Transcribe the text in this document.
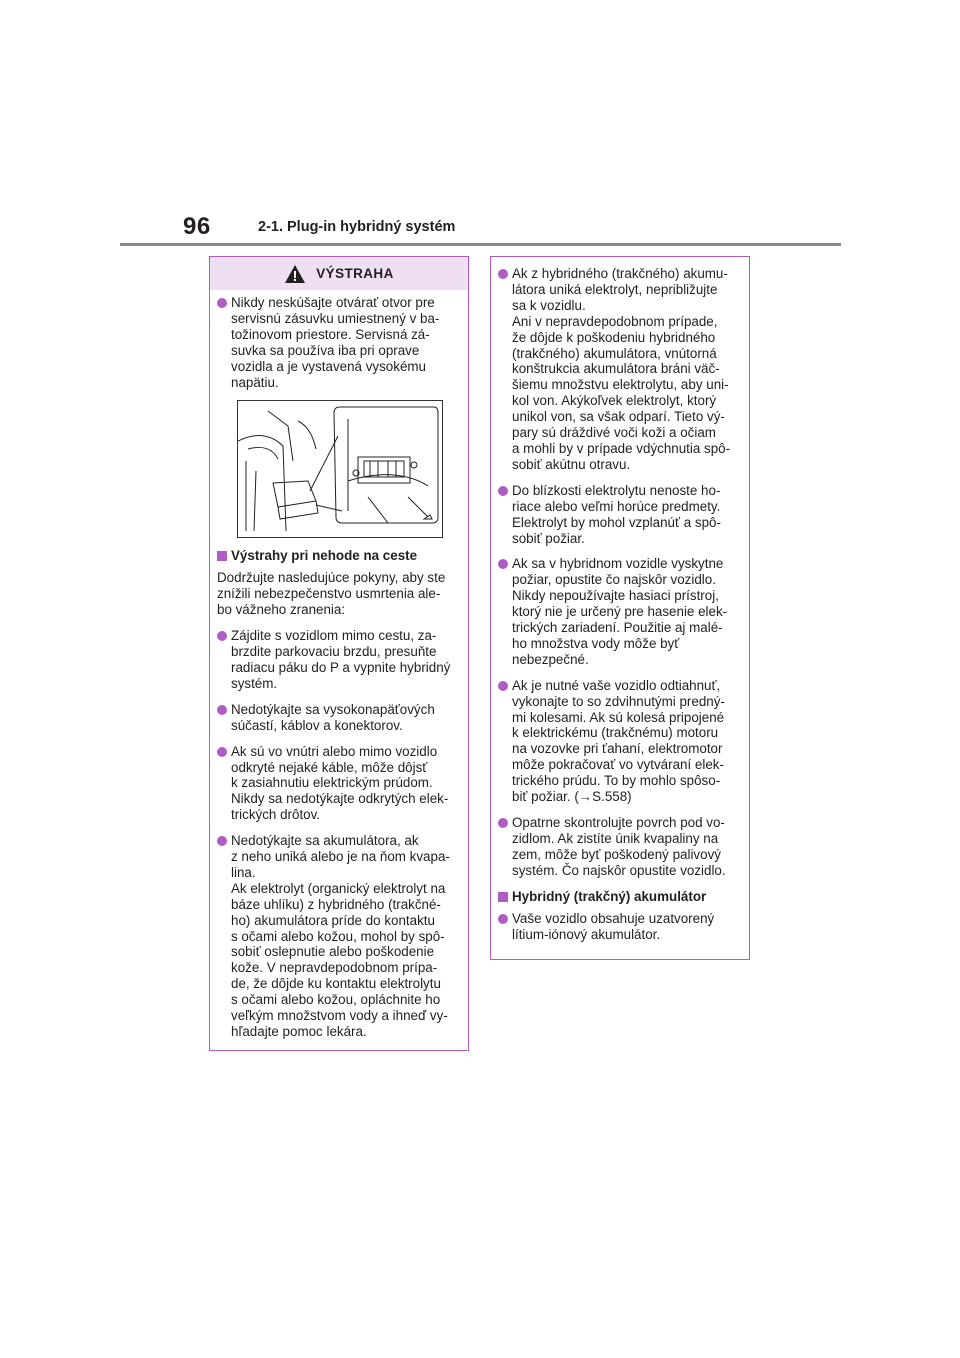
96	2-1. Plug-in hybridný systém
VÝSTRAHA
Nikdy neskúšajte otvárať otvor pre
servisnú zásuvku umiestnený v ba-
tožinovom priestore. Servisná zá-
suvka sa používa iba pri oprave
vozidla a je vystavená vysokému
napätiu.
Výstrahy pri nehode na ceste
Dodržujte nasledujúce pokyny, aby ste
znížili nebezpečenstvo usmrtenia ale-
bo vážneho zranenia:
Zájdite s vozidlom mimo cestu, za-
brzdite parkovaciu brzdu, presuňte
radiacu páku do P a vypnite hybridný
systém.
Nedotýkajte sa vysokonapäťových
súčastí, káblov a konektorov.
Ak sú vo vnútri alebo mimo vozidlo
odkryté nejaké káble, môže dôjsť
k zasiahnutiu elektrickým prúdom.
Nikdy sa nedotýkajte odkrytých elek-
trických drôtov.
Nedotýkajte sa akumulátora, ak
z neho uniká alebo je na ňom kvapa-
lina.
Ak elektrolyt (organický elektrolyt na
báze uhlíku) z hybridného (trakčné-
ho) akumulátora príde do kontaktu
s očami alebo kožou, mohol by spô-
sobiť oslepnutie alebo poškodenie
kože. V nepravdepodobnom prípa-
de, že dôjde ku kontaktu elektrolytu
s očami alebo kožou, opláchnite ho
veľkým množstvom vody a ihneď vy-
hľadajte pomoc lekára.
Ak z hybridného (trakčného) akumu-
látora uniká elektrolyt, nepribližujte
sa k vozidlu.
Ani v nepravdepodobnom prípade,
že dôjde k poškodeniu hybridného
(trakčného) akumulátora, vnútorná
konštrukcia akumulátora bráni väč-
šiemu množstvu elektrolytu, aby uni-
kol von. Akýkoľvek elektrolyt, ktorý
unikol von, sa však odparí. Tieto vý-
pary sú dráždivé voči koži a očiam
a mohli by v prípade vdýchnutia spô-
sobiť akútnu otravu.
Do blízkosti elektrolytu nenoste ho-
riace alebo veľmi horúce predmety.
Elektrolyt by mohol vzplanúť a spô-
sobiť požiar.
Ak sa v hybridnom vozidle vyskytne
požiar, opustite čo najskôr vozidlo.
Nikdy nepoužívajte hasiaci prístroj,
ktorý nie je určený pre hasenie elek-
trických zariadení. Použitie aj malé-
ho množstva vody môže byť
nebezpečné.
Ak je nutné vaše vozidlo odtiahnuť,
vykonajte to so zdvihnutými predný-
mi kolesami. Ak sú kolesá pripojené
k elektrickému (trakčnému) motoru
na vozovke pri ťahaní, elektromotor
môže pokračovať vo vytváraní elek-
trického prúdu. To by mohlo spôso-
biť požiar. (→S.558)
Opatrne skontrolujte povrch pod vo-
zidlom. Ak zistíte únik kvapaliny na
zem, môže byť poškodený palivový
systém. Čo najskôr opustite vozidlo.
Hybridný (trakčný) akumulátor
Vaše vozidlo obsahuje uzatvorený
lítium-iónový akumulátor.
